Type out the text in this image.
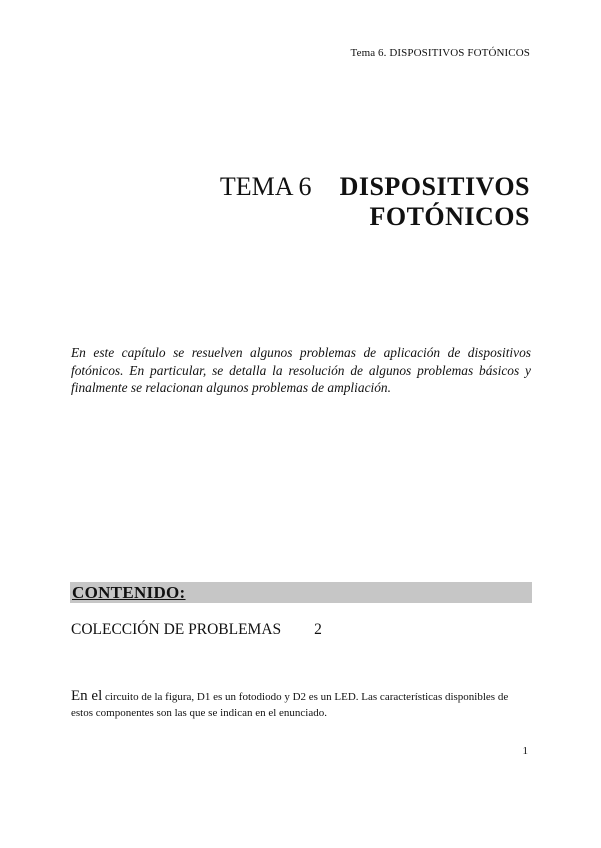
Tema 6. DISPOSITIVOS FOTÓNICOS
TEMA 6 DISPOSITIVOS
FOTÓNICOS
En este capítulo se resuelven algunos problemas de aplicación de dispositivos fotónicos. En particular, se detalla la resolución de algunos problemas básicos y finalmente se relacionan algunos problemas de ampliación.
CONTENIDO:
COLECCIÓN DE PROBLEMAS 2
En el circuito de la figura, D1 es un fotodiodo y D2 es un LED. Las características disponibles de estos componentes son las que se indican en el enunciado.
1
